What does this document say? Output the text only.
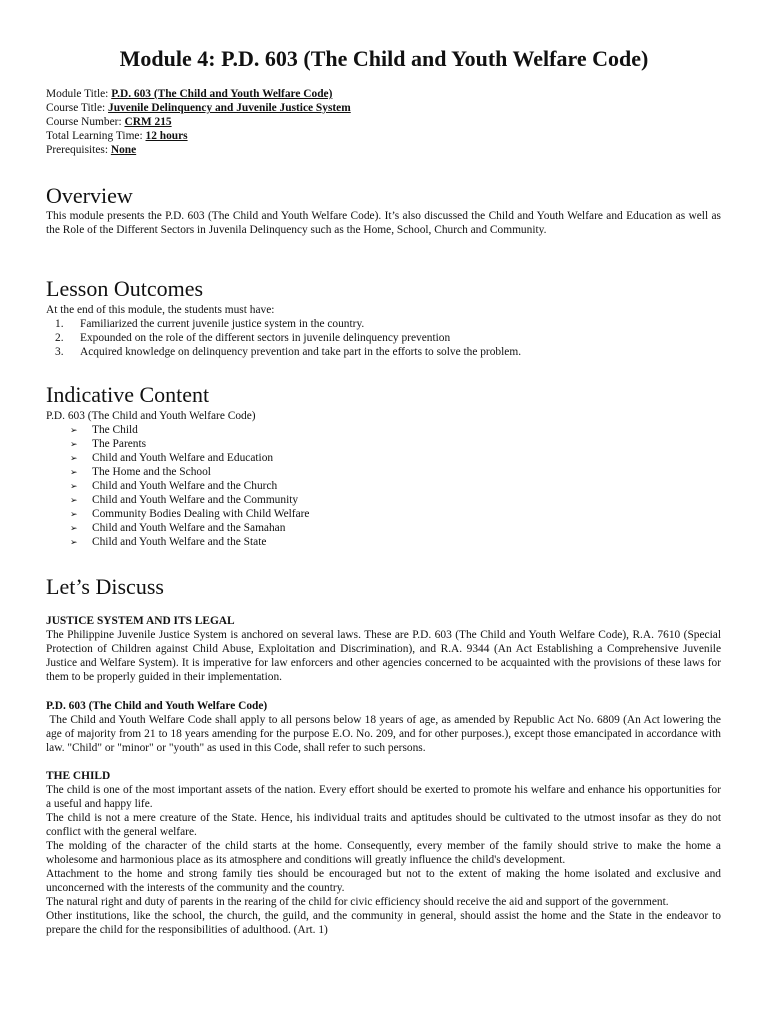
Module 4: P.D. 603 (The Child and Youth Welfare Code)
Module Title: P.D. 603 (The Child and Youth Welfare Code)
Course Title: Juvenile Delinquency and Juvenile Justice System
Course Number: CRM 215
Total Learning Time: 12 hours
Prerequisites: None
Overview

This module presents the P.D. 603 (The Child and Youth Welfare Code). It’s also discussed the Child and Youth Welfare and Education as well as the Role of the Different Sectors in Juvenila Delinquency such as the Home, School, Church and Community.

Lesson Outcomes
At the end of this module, the students must have:
1. Familiarized the current juvenile justice system in the country.
2. Expounded on the role of the different sectors in juvenile delinquency prevention
3. Acquired knowledge on delinquency prevention and take part in the efforts to solve the problem.
Indicative Content
P.D. 603 (The Child and Youth Welfare Code)
➢ The Child
➢ The Parents
➢ Child and Youth Welfare and Education
➢ The Home and the School
➢ Child and Youth Welfare and the Church
➢ Child and Youth Welfare and the Community
➢ Community Bodies Dealing with Child Welfare
➢ Child and Youth Welfare and the Samahan
➢ Child and Youth Welfare and the State
Let’s Discuss
JUSTICE SYSTEM AND ITS LEGAL

The Philippine Juvenile Justice System is anchored on several laws. These are P.D. 603 (The Child and Youth Welfare Code), R.A. 7610 (Special Protection of Children against Child Abuse, Exploitation and Discrimination), and R.A. 9344 (An Act Establishing a Comprehensive Juvenile Justice and Welfare System). It is imperative for law enforcers and other agencies concerned to be acquainted with the provisions of these laws for them to be properly guided in their implementation.

P.D. 603 (The Child and Youth Welfare Code)

The Child and Youth Welfare Code shall apply to all persons below 18 years of age, as amended by Republic Act No. 6809 (An Act lowering the age of majority from 21 to 18 years amending for the purpose E.O. No. 209, and for other purposes.), except those emancipated in accordance with law. "Child" or "minor" or "youth" as used in this Code, shall refer to such persons.

THE CHILD

The child is one of the most important assets of the nation. Every effort should be exerted to promote his welfare and enhance his opportunities for a useful and happy life.

The child is not a mere creature of the State. Hence, his individual traits and aptitudes should be cultivated to the utmost insofar as they do not conflict with the general welfare.

The molding of the character of the child starts at the home. Consequently, every member of the family should strive to make the home a wholesome and harmonious place as its atmosphere and conditions will greatly influence the child's development.

Attachment to the home and strong family ties should be encouraged but not to the extent of making the home isolated and exclusive and unconcerned with the interests of the community and the country.

The natural right and duty of parents in the rearing of the child for civic efficiency should receive the aid and support of the government.

Other institutions, like the school, the church, the guild, and the community in general, should assist the home and the State in the endeavor to prepare the child for the responsibilities of adulthood. (Art. 1)
